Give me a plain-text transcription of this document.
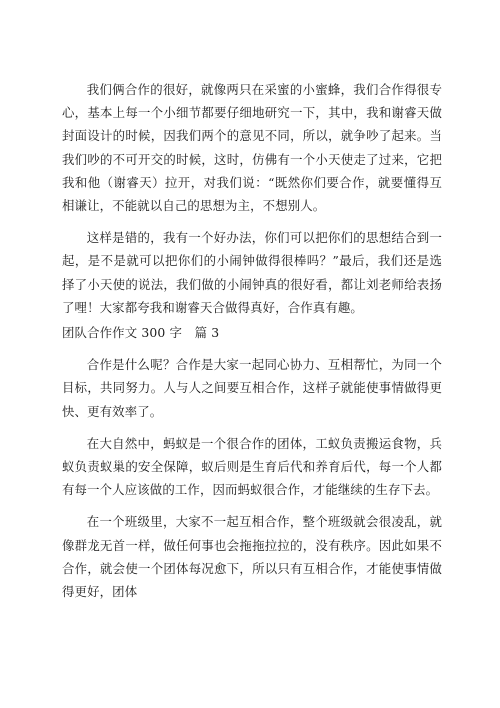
我们俩合作的很好，就像两只在采蜜的小蜜蜂，我们合作得很专心，基本上每一个小细节都要仔细地研究一下，其中，我和谢睿天做封面设计的时候，因我们两个的意见不同，所以，就争吵了起来。当我们吵的不可开交的时候，这时，仿佛有一个小天使走了过来，它把我和他（谢睿天）拉开，对我们说：“既然你们要合作，就要懂得互相谦让，不能就以自己的思想为主，不想别人。

这样是错的，我有一个好办法，你们可以把你们的思想结合到一起，是不是就可以把你们的小闹钟做得很棒吗？”最后，我们还是选择了小天使的说法，我们做的小闹钟真的很好看，都让刘老师给表扬了哩！大家都夸我和谢睿天合做得真好，合作真有趣。

团队合作作文 300 字　篇 3

合作是什么呢？合作是大家一起同心协力、互相帮忙，为同一个目标，共同努力。人与人之间要互相合作，这样子就能使事情做得更快、更有效率了。

在大自然中，蚂蚁是一个很合作的团体，工蚁负责搬运食物，兵蚁负责蚁巢的安全保障，蚁后则是生育后代和养育后代，每一个人都有每一个人应该做的工作，因而蚂蚁很合作，才能继续的生存下去。

在一个班级里，大家不一起互相合作，整个班级就会很凌乱，就像群龙无首一样，做任何事也会拖拖拉拉的，没有秩序。因此如果不合作，就会使一个团体每况愈下，所以只有互相合作，才能使事情做得更好，团体
